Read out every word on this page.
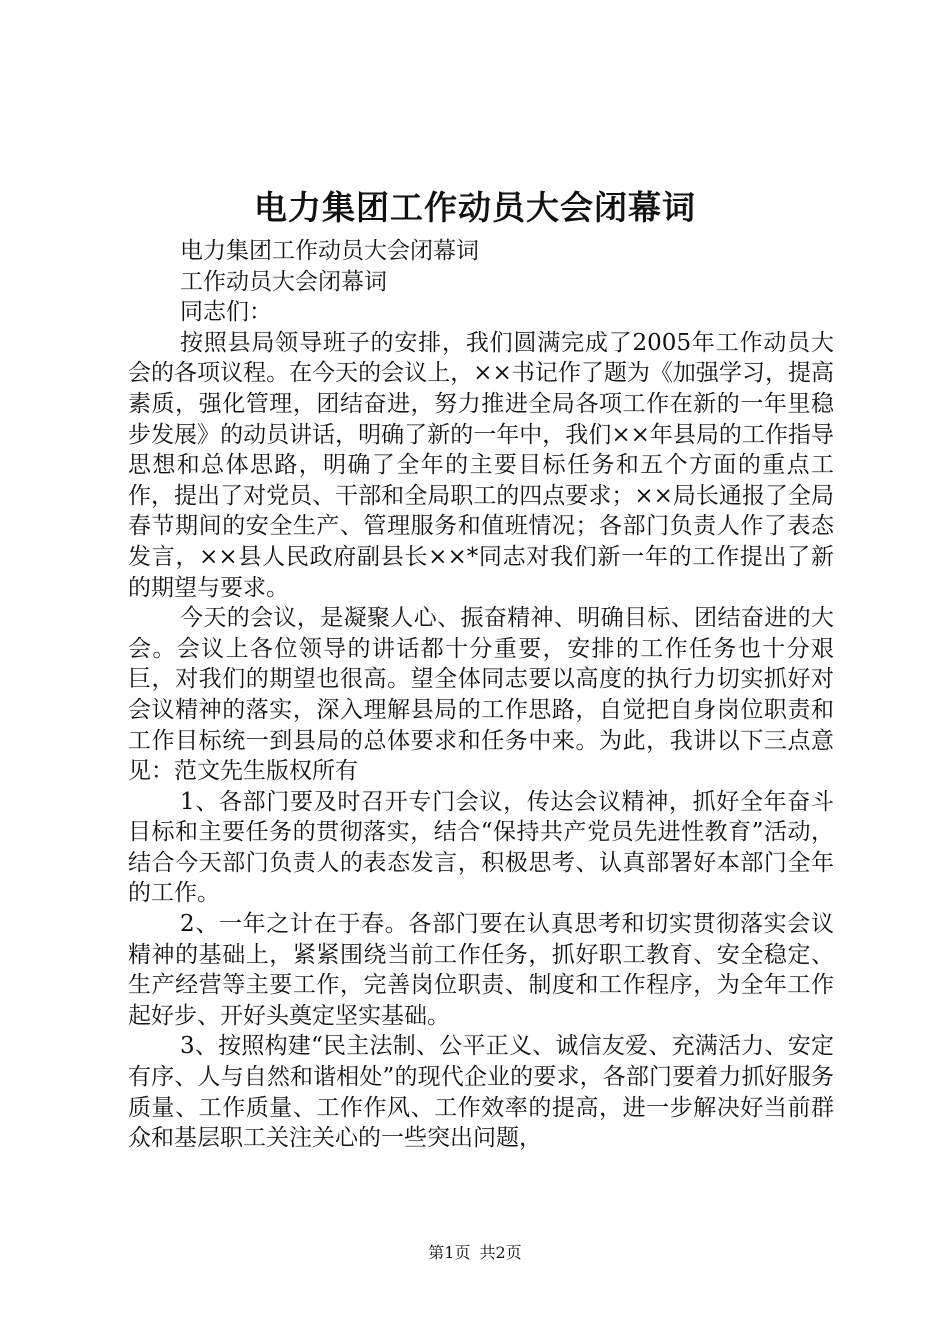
电力集团工作动员大会闭幕词

电力集团工作动员大会闭幕词

工作动员大会闭幕词

同志们：

按照县局领导班子的安排，我们圆满完成了2005年工作动员大会的各项议程。在今天的会议上，××书记作了题为《加强学习，提高素质，强化管理，团结奋进，努力推进全局各项工作在新的一年里稳步发展》的动员讲话，明确了新的一年中，我们××年县局的工作指导思想和总体思路，明确了全年的主要目标任务和五个方面的重点工作，提出了对党员、干部和全局职工的四点要求；××局长通报了全局春节期间的安全生产、管理服务和值班情况；各部门负责人作了表态发言，××县人民政府副县长××*同志对我们新一年的工作提出了新的期望与要求。

今天的会议，是凝聚人心、振奋精神、明确目标、团结奋进的大会。会议上各位领导的讲话都十分重要，安排的工作任务也十分艰巨，对我们的期望也很高。望全体同志要以高度的执行力切实抓好对会议精神的落实，深入理解县局的工作思路，自觉把自身岗位职责和工作目标统一到县局的总体要求和任务中来。为此，我讲以下三点意见：范文先生版权所有

1、各部门要及时召开专门会议，传达会议精神，抓好全年奋斗目标和主要任务的贯彻落实，结合“保持共产党员先进性教育”活动，结合今天部门负责人的表态发言，积极思考、认真部署好本部门全年的工作。

2、一年之计在于春。各部门要在认真思考和切实贯彻落实会议精神的基础上，紧紧围绕当前工作任务，抓好职工教育、安全稳定、生产经营等主要工作，完善岗位职责、制度和工作程序，为全年工作起好步、开好头奠定坚实基础。

3、按照构建“民主法制、公平正义、诚信友爱、充满活力、安定有序、人与自然和谐相处”的现代企业的要求，各部门要着力抓好服务质量、工作质量、工作作风、工作效率的提高，进一步解决好当前群众和基层职工关注关心的一些突出问题，

第1页 共2页
